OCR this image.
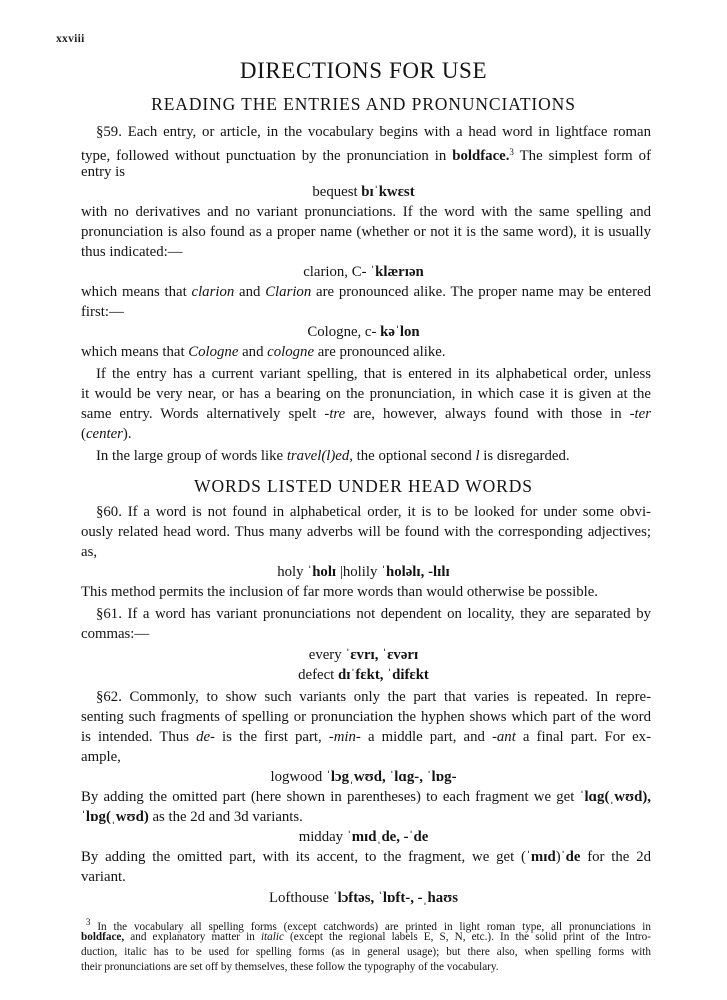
xxviii
DIRECTIONS FOR USE
READING THE ENTRIES AND PRONUNCIATIONS
§59. Each entry, or article, in the vocabulary begins with a head word in lightface roman
type, followed without punctuation by the pronunciation in boldface.$^3$ The simplest form of
entry is
bequest bɪˈkwɛst
with no derivatives and no variant pronunciations. If the word with the same spelling and
pronunciation is also found as a proper name (whether or not it is the same word), it is usually
thus indicated:—
clarion, C- ˈklærɪən
which means that clarion and Clarion are pronounced alike. The proper name may be entered
first:—
Cologne, c- kəˈlon
which means that Cologne and cologne are pronounced alike.
If the entry has a current variant spelling, that is entered in its alphabetical order, unless
it would be very near, or has a bearing on the pronunciation, in which case it is given at the
same entry. Words alternatively spelt -tre are, however, always found with those in -ter
(center).
In the large group of words like travel(l)ed, the optional second l is disregarded.
WORDS LISTED UNDER HEAD WORDS
§60. If a word is not found in alphabetical order, it is to be looked for under some obvi-
ously related head word. Thus many adverbs will be found with the corresponding adjectives;
as,
holy ˈholɪ |holily ˈholəlɪ, -lɪlɪ
This method permits the inclusion of far more words than would otherwise be possible.
§61. If a word has variant pronunciations not dependent on locality, they are separated by
commas:—
every ˈɛvrɪ, ˈɛvərɪ
defect dɪˈfɛkt, ˈdifɛkt
§62. Commonly, to show such variants only the part that varies is repeated. In repre-
senting such fragments of spelling or pronunciation the hyphen shows which part of the word
is intended. Thus de- is the first part, -min- a middle part, and -ant a final part. For ex-
ample,
logwood ˈlɔgˌwʊd, ˈlɑg-, ˈlɒg-
By adding the omitted part (here shown in parentheses) to each fragment we get ˈlɑg(ˌwʊd),
ˈlɒg(ˌwʊd) as the 2d and 3d variants.
midday ˈmɪdˌde, -ˈde
By adding the omitted part, with its accent, to the fragment, we get (ˈmɪd)ˈde for the 2d
variant.
Lofthouse ˈlɔftəs, ˈlɒft-, -ˌhaʊs
$^3$ In the vocabulary all spelling forms (except catchwords) are printed in light roman type, all pronunciations in
boldface, and explanatory matter in italic (except the regional labels E, S, N, etc.). In the solid print of the Intro-
duction, italic has to be used for spelling forms (as in general usage); but there also, when spelling forms with
their pronunciations are set off by themselves, these follow the typography of the vocabulary.
